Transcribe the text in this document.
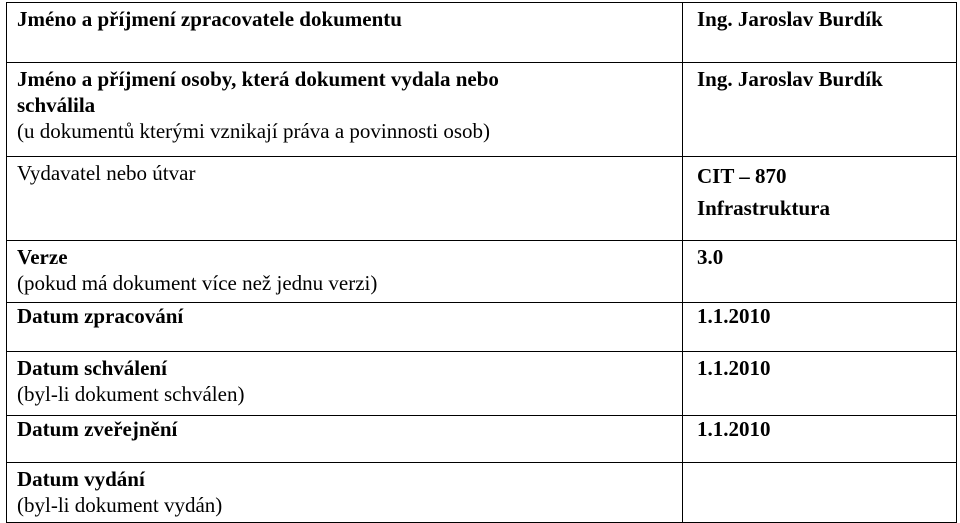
Jméno a příjmení zpracovatele dokumentu	Ing. Jaroslav Burdík

Jméno a příjmení osoby, která dokument vydala nebo
schválila
(u dokumentů kterými vznikají práva a povinnosti osob)	Ing. Jaroslav Burdík

Vydavatel nebo útvar	CIT – 870
Infrastruktura

Verze
(pokud má dokument více než jednu verzi)	3.0

Datum zpracování	1.1.2010

Datum schválení
(byl-li dokument schválen)	1.1.2010

Datum zveřejnění	1.1.2010

Datum vydání
(byl-li dokument vydán)	
